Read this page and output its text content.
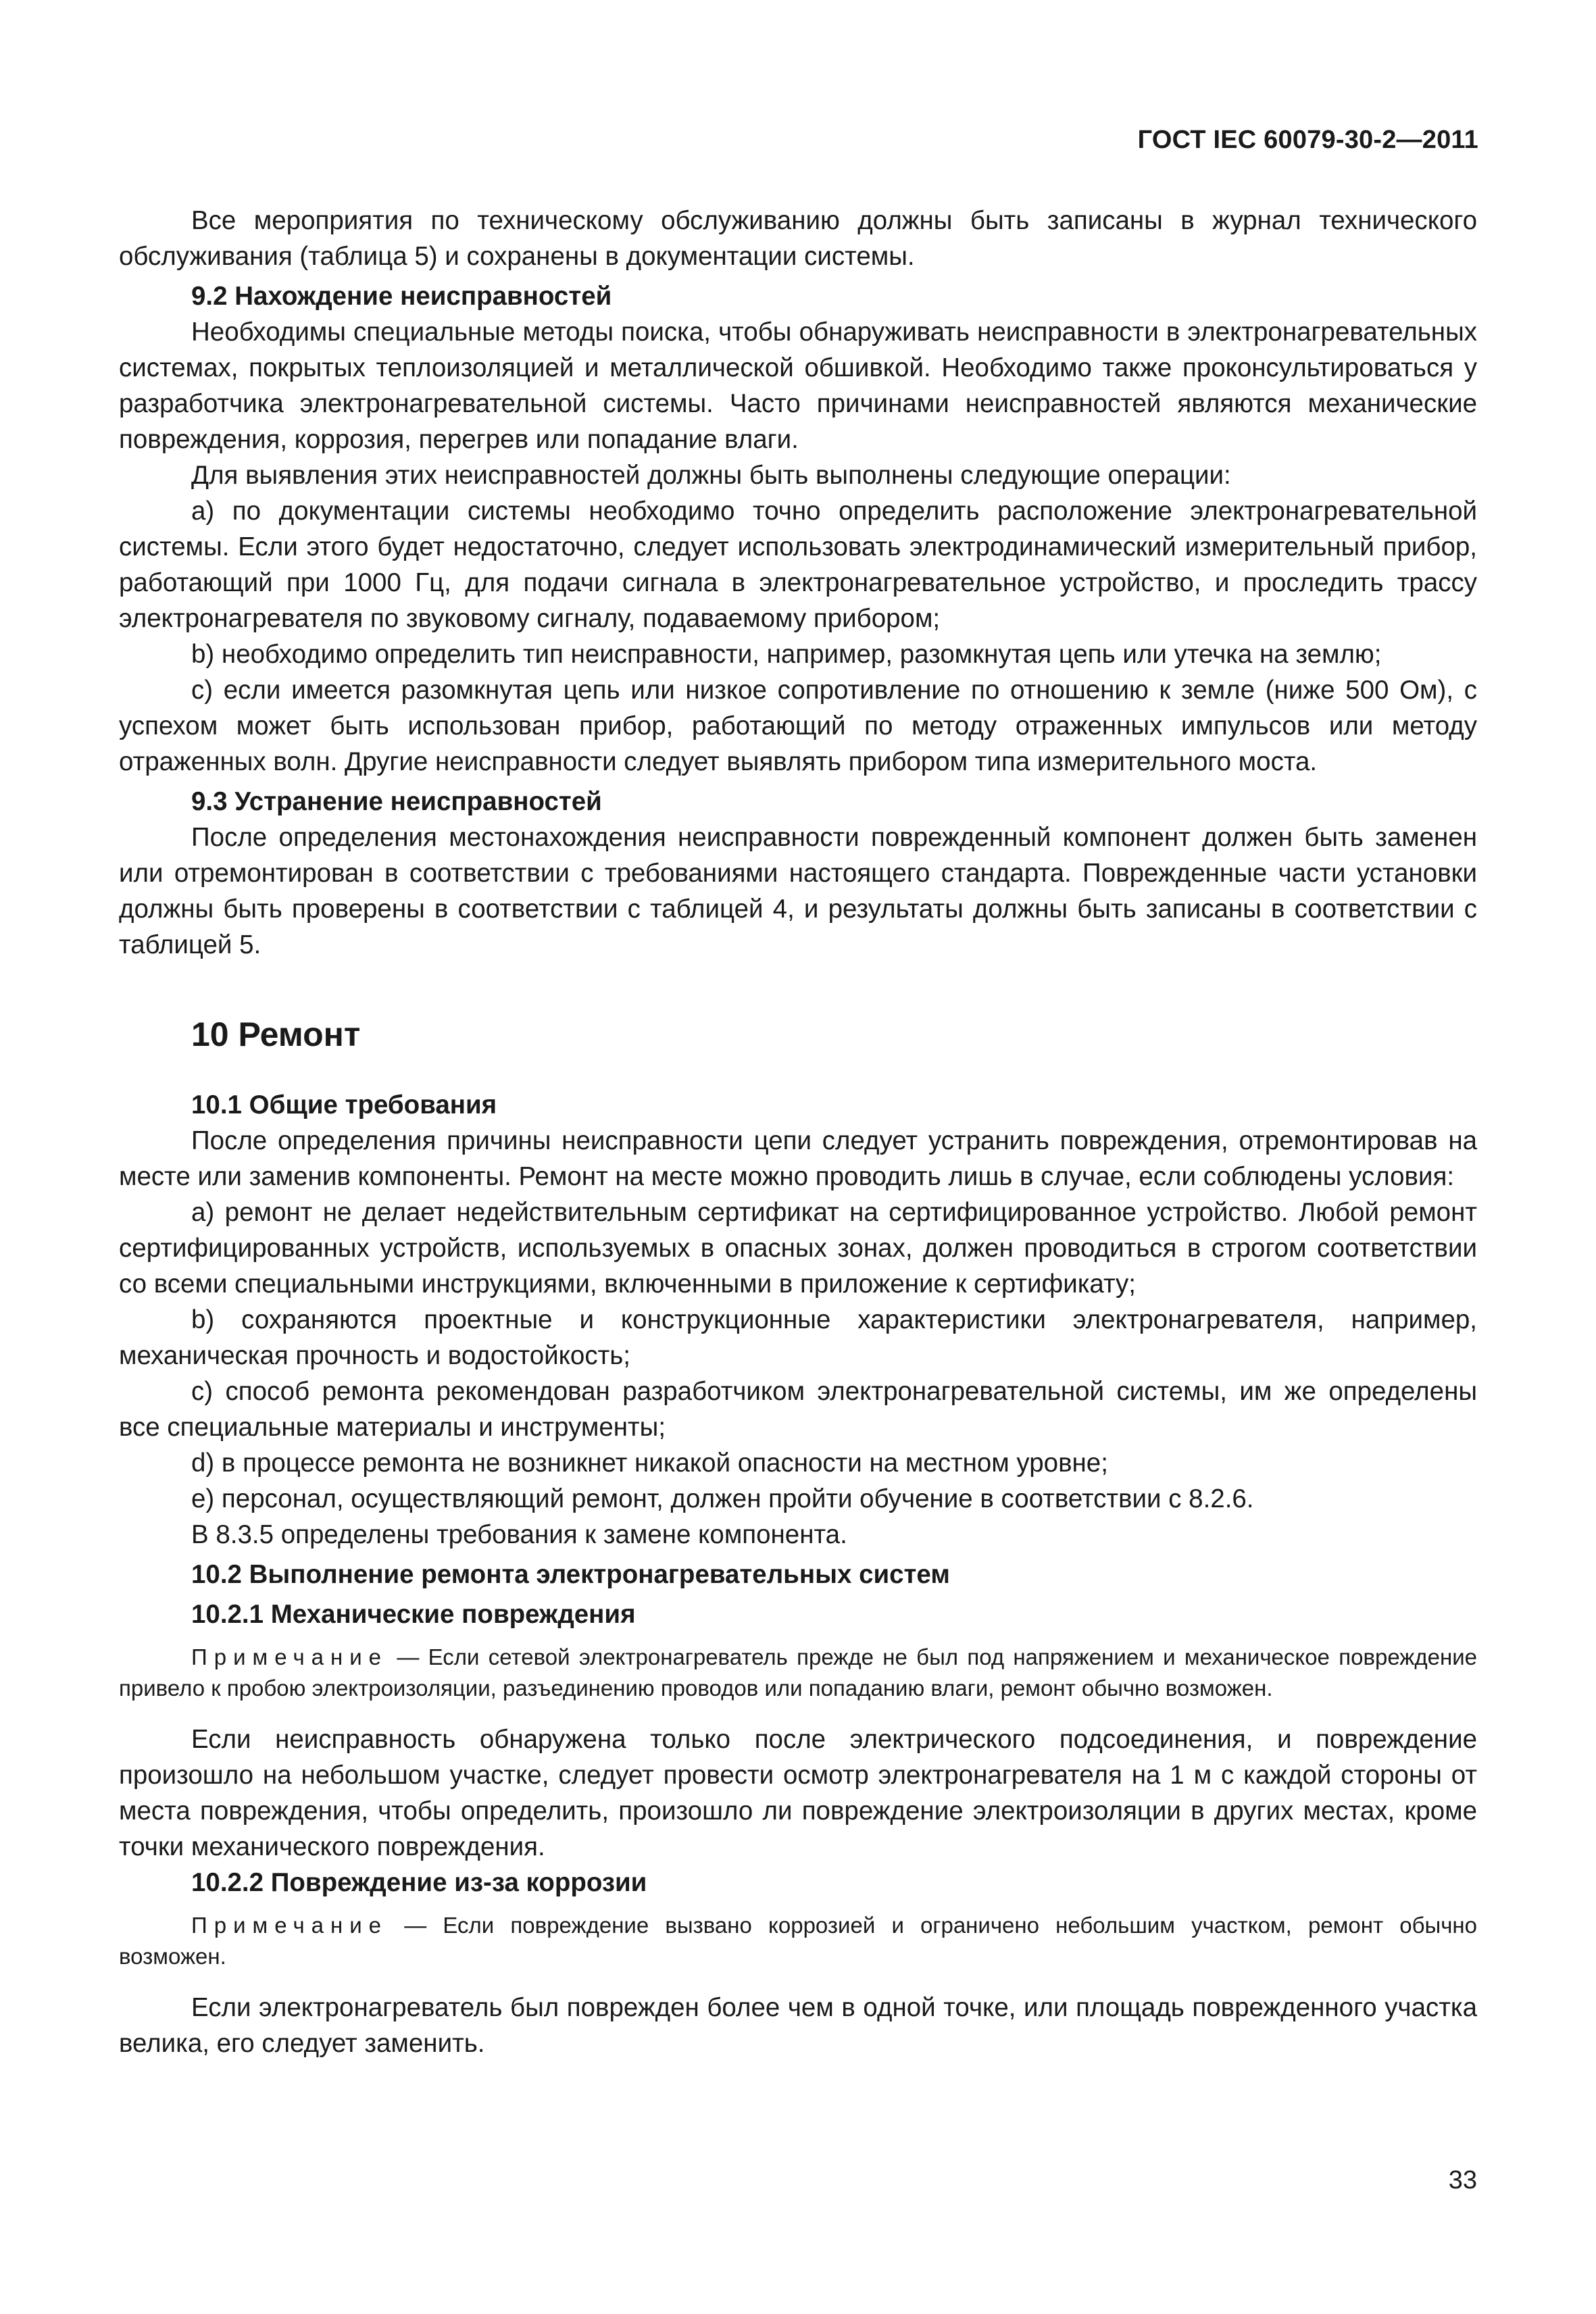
ГОСТ IEC 60079-30-2—2011

Все мероприятия по техническому обслуживанию должны быть записаны в журнал технического обслуживания (таблица 5) и сохранены в документации системы.

9.2 Нахождение неисправностей

Необходимы специальные методы поиска, чтобы обнаруживать неисправности в электронагревательных системах, покрытых теплоизоляцией и металлической обшивкой. Необходимо также проконсультироваться у разработчика электронагревательной системы. Часто причинами неисправностей являются механические повреждения, коррозия, перегрев или попадание влаги.

Для выявления этих неисправностей должны быть выполнены следующие операции:

a) по документации системы необходимо точно определить расположение электронагревательной системы. Если этого будет недостаточно, следует использовать электродинамический измерительный прибор, работающий при 1000 Гц, для подачи сигнала в электронагревательное устройство, и проследить трассу электронагревателя по звуковому сигналу, подаваемому прибором;

b) необходимо определить тип неисправности, например, разомкнутая цепь или утечка на землю;

c) если имеется разомкнутая цепь или низкое сопротивление по отношению к земле (ниже 500 Ом), с успехом может быть использован прибор, работающий по методу отраженных импульсов или методу отраженных волн. Другие неисправности следует выявлять прибором типа измерительного моста.

9.3 Устранение неисправностей

После определения местонахождения неисправности поврежденный компонент должен быть заменен или отремонтирован в соответствии с требованиями настоящего стандарта. Поврежденные части установки должны быть проверены в соответствии с таблицей 4, и результаты должны быть записаны в соответствии с таблицей 5.

10 Ремонт
10.1 Общие требования

После определения причины неисправности цепи следует устранить повреждения, отремонтировав на месте или заменив компоненты. Ремонт на месте можно проводить лишь в случае, если соблюдены условия:

a) ремонт не делает недействительным сертификат на сертифицированное устройство. Любой ремонт сертифицированных устройств, используемых в опасных зонах, должен проводиться в строгом соответствии со всеми специальными инструкциями, включенными в приложение к сертификату;

b) сохраняются проектные и конструкционные характеристики электронагревателя, например, механическая прочность и водостойкость;

c) способ ремонта рекомендован разработчиком электронагревательной системы, им же определены все специальные материалы и инструменты;

d) в процессе ремонта не возникнет никакой опасности на местном уровне;

e) персонал, осуществляющий ремонт, должен пройти обучение в соответствии с 8.2.6.

В 8.3.5 определены требования к замене компонента.

10.2 Выполнение ремонта электронагревательных систем
10.2.1 Механические повреждения

Примечание — Если сетевой электронагреватель прежде не был под напряжением и механическое повреждение привело к пробою электроизоляции, разъединению проводов или попаданию влаги, ремонт обычно возможен.

Если неисправность обнаружена только после электрического подсоединения, и повреждение произошло на небольшом участке, следует провести осмотр электронагревателя на 1 м с каждой стороны от места повреждения, чтобы определить, произошло ли повреждение электроизоляции в других местах, кроме точки механического повреждения.

10.2.2 Повреждение из-за коррозии

Примечание — Если повреждение вызвано коррозией и ограничено небольшим участком, ремонт обычно возможен.

Если электронагреватель был поврежден более чем в одной точке, или площадь поврежденного участка велика, его следует заменить.

33
